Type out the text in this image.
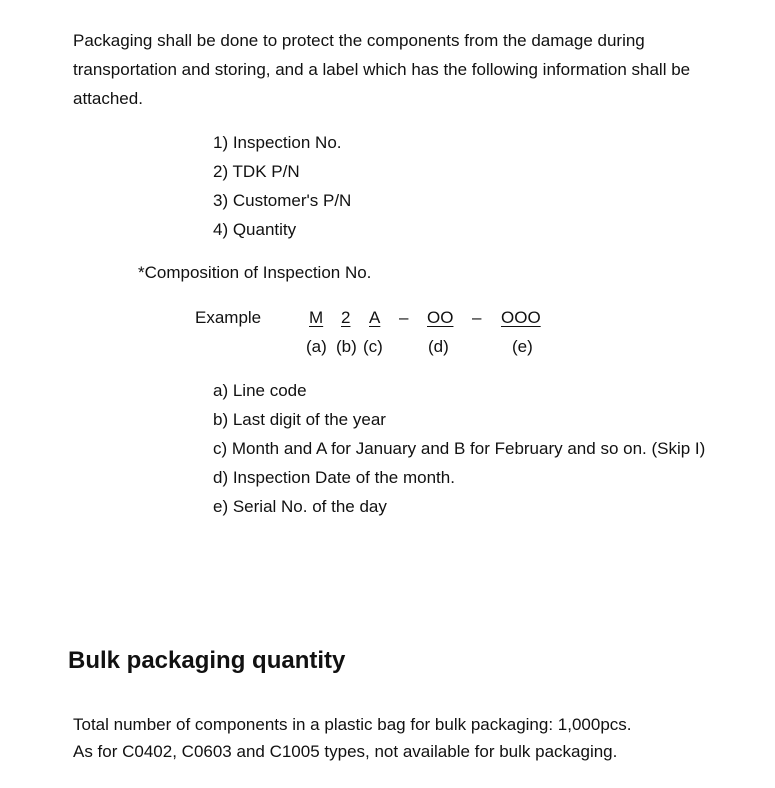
Packaging shall be done to protect the components from the damage during transportation and storing, and a label which has the following information shall be attached.

1) Inspection No.
2) TDK P/N
3) Customer's P/N
4) Quantity

*Composition of Inspection No.

Example	M 2 A – OO – OOO
(a) (b) (c)	(d)	(e)
a) Line code
b) Last digit of the year
c) Month and A for January and B for February and so on. (Skip I)
d) Inspection Date of the month.
e) Serial No. of the day
Bulk packaging quantity

Total number of components in a plastic bag for bulk packaging: 1,000pcs.
As for C0402, C0603 and C1005 types, not available for bulk packaging.
